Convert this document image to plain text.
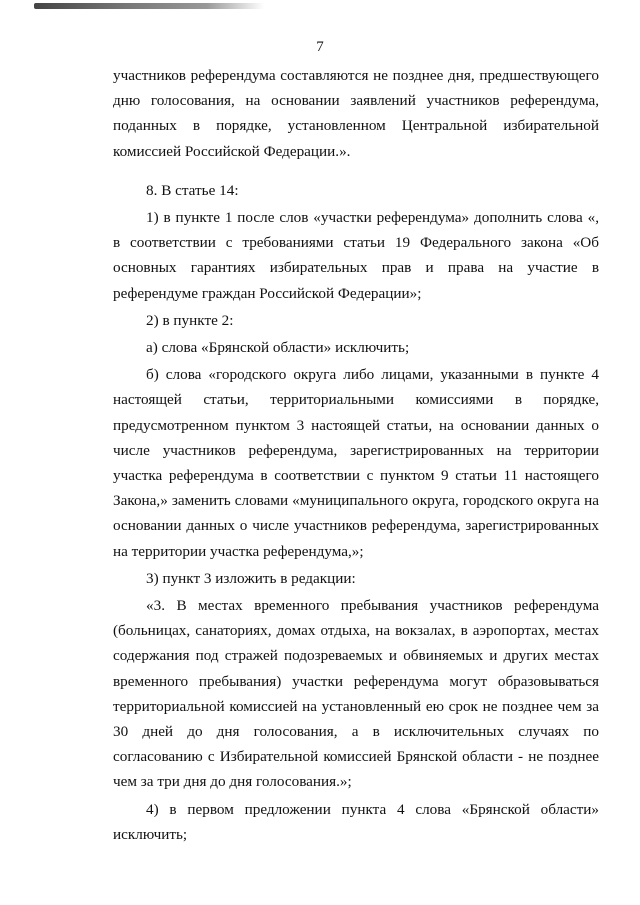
7

участников референдума составляются не позднее дня, предшествующего дню голосования, на основании заявлений участников референдума, поданных в порядке, установленном Центральной избирательной комиссией Российской Федерации.».

8. В статье 14:

1) в пункте 1 после слов «участки референдума» дополнить слова «, в соответствии с требованиями статьи 19 Федерального закона «Об основных гарантиях избирательных прав и права на участие в референдуме граждан Российской Федерации»;

2) в пункте 2:

а) слова «Брянской области» исключить;

б) слова «городского округа либо лицами, указанными в пункте 4 настоящей статьи, территориальными комиссиями в порядке, предусмотренном пунктом 3 настоящей статьи, на основании данных о числе участников референдума, зарегистрированных на территории участка референдума в соответствии с пунктом 9 статьи 11 настоящего Закона,» заменить словами «муниципального округа, городского округа на основании данных о числе участников референдума, зарегистрированных на территории участка референдума,»;

3) пункт 3 изложить в редакции:

«3. В местах временного пребывания участников референдума (больницах, санаториях, домах отдыха, на вокзалах, в аэропортах, местах содержания под стражей подозреваемых и обвиняемых и других местах временного пребывания) участки референдума могут образовываться территориальной комиссией на установленный ею срок не позднее чем за 30 дней до дня голосования, а в исключительных случаях по согласованию с Избирательной комиссией Брянской области - не позднее чем за три дня до дня голосования.»;

4) в первом предложении пункта 4 слова «Брянской области» исключить;
